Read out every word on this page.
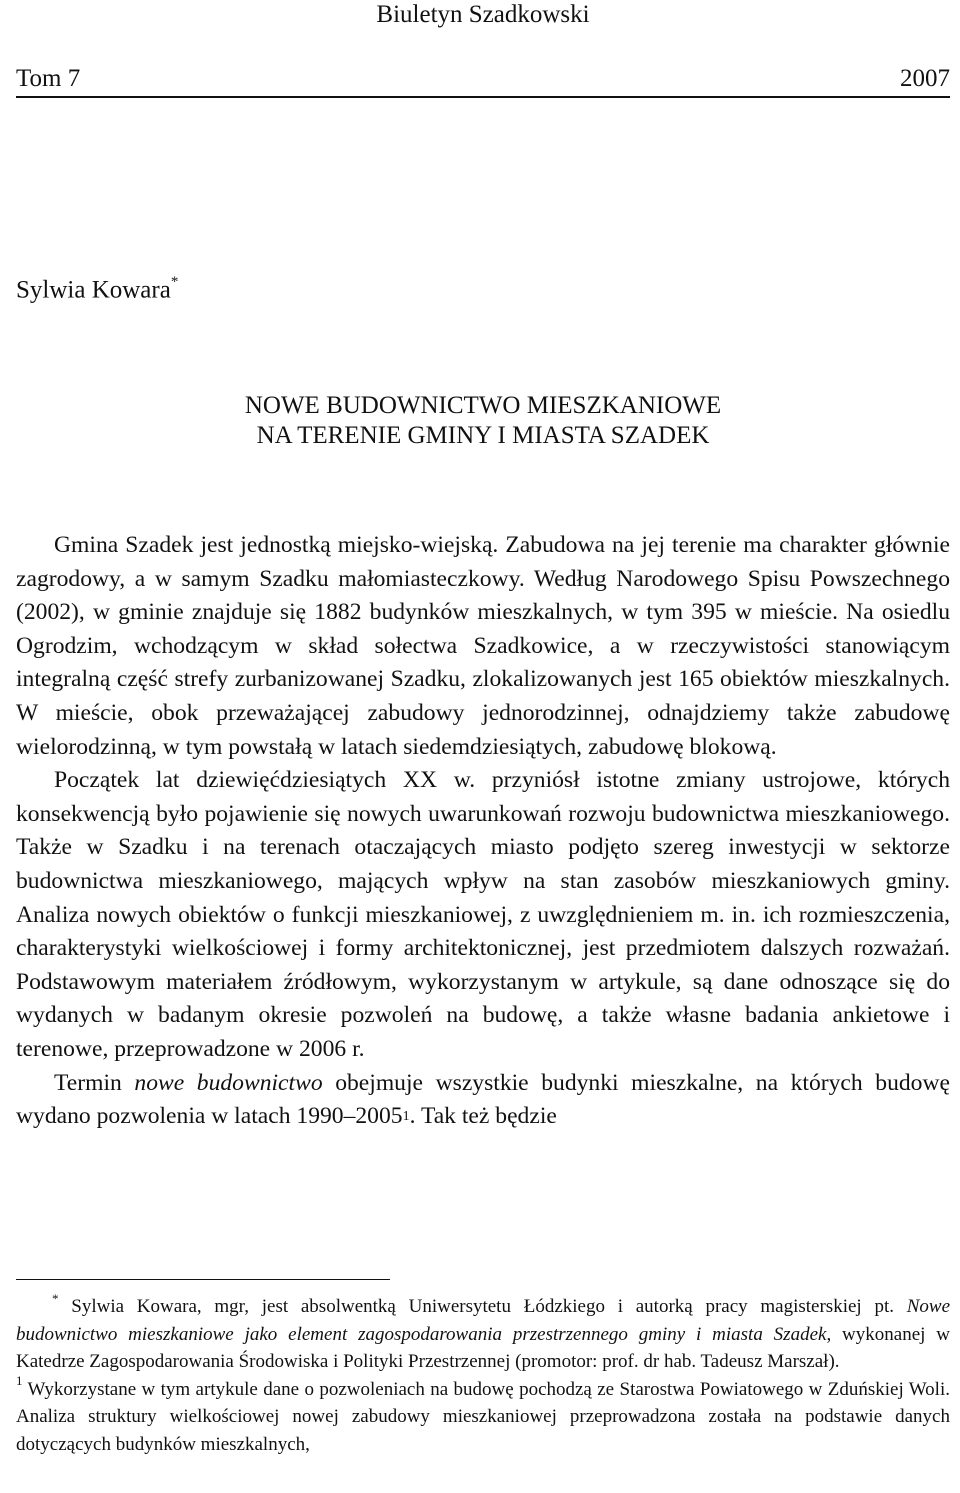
Biuletyn Szadkowski
Tom 7	2007
Sylwia Kowara*
NOWE BUDOWNICTWO MIESZKANIOWE
NA TERENIE GMINY I MIASTA SZADEK

Gmina Szadek jest jednostką miejsko-wiejską. Zabudowa na jej terenie ma charakter głównie zagrodowy, a w samym Szadku małomiasteczkowy. Według Narodowego Spisu Powszechnego (2002), w gminie znajduje się 1882 budynków mieszkalnych, w tym 395 w mieście. Na osiedlu Ogrodzim, wchodzącym w skład sołectwa Szadkowice, a w rzeczywistości stanowiącym integralną część strefy zurbanizowanej Szadku, zlokalizowanych jest 165 obiektów mieszkalnych. W mieście, obok przeważającej zabudowy jednorodzinnej, odnajdziemy także zabudowę wielorodzinną, w tym powstałą w latach siedemdziesiątych, zabudowę blokową.

Początek lat dziewięćdziesiątych XX w. przyniósł istotne zmiany ustrojowe, których konsekwencją było pojawienie się nowych uwarunkowań rozwoju budownictwa mieszkaniowego. Także w Szadku i na terenach otaczających miasto podjęto szereg inwestycji w sektorze budownictwa mieszkaniowego, mających wpływ na stan zasobów mieszkaniowych gminy. Analiza nowych obiektów o funkcji mieszkaniowej, z uwzględnieniem m. in. ich rozmieszczenia, charakterystyki wielkościowej i formy architektonicznej, jest przedmiotem dalszych rozważań. Podstawowym materiałem źródłowym, wykorzystanym w artykule, są dane odnoszące się do wydanych w badanym okresie pozwoleń na budowę, a także własne badania ankietowe i terenowe, przeprowadzone w 2006 r.

Termin nowe budownictwo obejmuje wszystkie budynki mieszkalne, na których budowę wydano pozwolenia w latach 1990–2005$^1$. Tak też będzie

* Sylwia Kowara, mgr, jest absolwentką Uniwersytetu Łódzkiego i autorką pracy magisterskiej pt. Nowe budownictwo mieszkaniowe jako element zagospodarowania przestrzennego gminy i miasta Szadek, wykonanej w Katedrze Zagospodarowania Środowiska i Polityki Przestrzennej (promotor: prof. dr hab. Tadeusz Marszał).

$^1$ Wykorzystane w tym artykule dane o pozwoleniach na budowę pochodzą ze Starostwa Powiatowego w Zduńskiej Woli. Analiza struktury wielkościowej nowej zabudowy mieszkaniowej przeprowadzona została na podstawie danych dotyczących budynków mieszkalnych,
